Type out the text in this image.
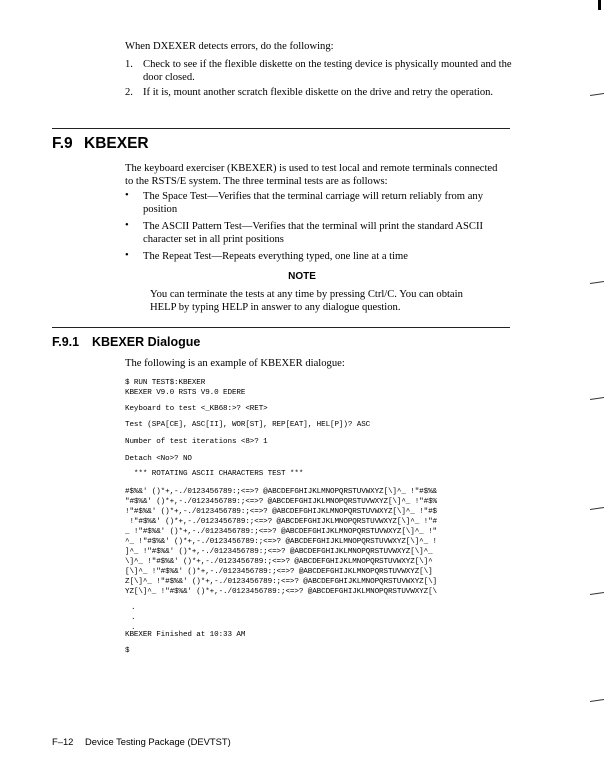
When DXEXER detects errors, do the following:
1. Check to see if the flexible diskette on the testing device is physically mounted and the door closed.
2. If it is, mount another scratch flexible diskette on the drive and retry the operation.
F.9 KBEXER
The keyboard exerciser (KBEXER) is used to test local and remote terminals connected to the RSTS/E system. The three terminal tests are as follows:
• The Space Test—Verifies that the terminal carriage will return reliably from any position
• The ASCII Pattern Test—Verifies that the terminal will print the standard ASCII character set in all print positions
• The Repeat Test—Repeats everything typed, one line at a time
NOTE
You can terminate the tests at any time by pressing Ctrl/C. You can obtain HELP by typing HELP in answer to any dialogue question.
F.9.1 KBEXER Dialogue
The following is an example of KBEXER dialogue:
$ RUN TEST$:KBEXER
KBEXER V9.0 RSTS V9.0 EDERE
Keyboard to test <_KB68:>? <RET>
Test (SPA[CE], ASC[II], WOR[ST], REP[EAT], HEL[P])? ASC
Number of test iterations <8>? 1
Detach <No>? NO
*** ROTATING ASCII CHARACTERS TEST ***
#$%&' ()*+,-./0123456789:;<=>? @ABCDEFGHIJKLMNOPQRSTUVWXYZ[\]^_ !"#$%&
"#$%&' ()*+,-./0123456789:;<=>? @ABCDEFGHIJKLMNOPQRSTUVWXYZ[\]^_ !"#$%
!"#$%&' ()*+,-./0123456789:;<=>? @ABCDEFGHIJKLMNOPQRSTUVWXYZ[\]^_ !"#$
!"#$%&' ()*+,-./0123456789:;<=>? @ABCDEFGHIJKLMNOPQRSTUVWXYZ[\]^_ !"#
_ !"#$%&' ()*+,-./0123456789:;<=>? @ABCDEFGHIJKLMNOPQRSTUVWXYZ[\]^_ !"
^_ !"#$%&' ()*+,-./0123456789:;<=>? @ABCDEFGHIJKLMNOPQRSTUVWXYZ[\]^_ !
]^_ !"#$%&' ()*+,-./0123456789:;<=>? @ABCDEFGHIJKLMNOPQRSTUVWXYZ[\]^_
\]^_ !"#$%&' ()*+,-./0123456789:;<=>? @ABCDEFGHIJKLMNOPQRSTUVWXYZ[\]^
[\]^_ !"#$%&' ()*+,-./0123456789:;<=>? @ABCDEFGHIJKLMNOPQRSTUVWXYZ[\]
Z[\]^_ !"#$%&' ()*+,-./0123456789:;<=>? @ABCDEFGHIJKLMNOPQRSTUVWXYZ[\]
YZ[\]^_ !"#$%&' ()*+,-./0123456789:;<=>? @ABCDEFGHIJKLMNOPQRSTUVWXYZ[\
.
.
.
KBEXER Finished at 10:33 AM
$
F–12 Device Testing Package (DEVTST)
